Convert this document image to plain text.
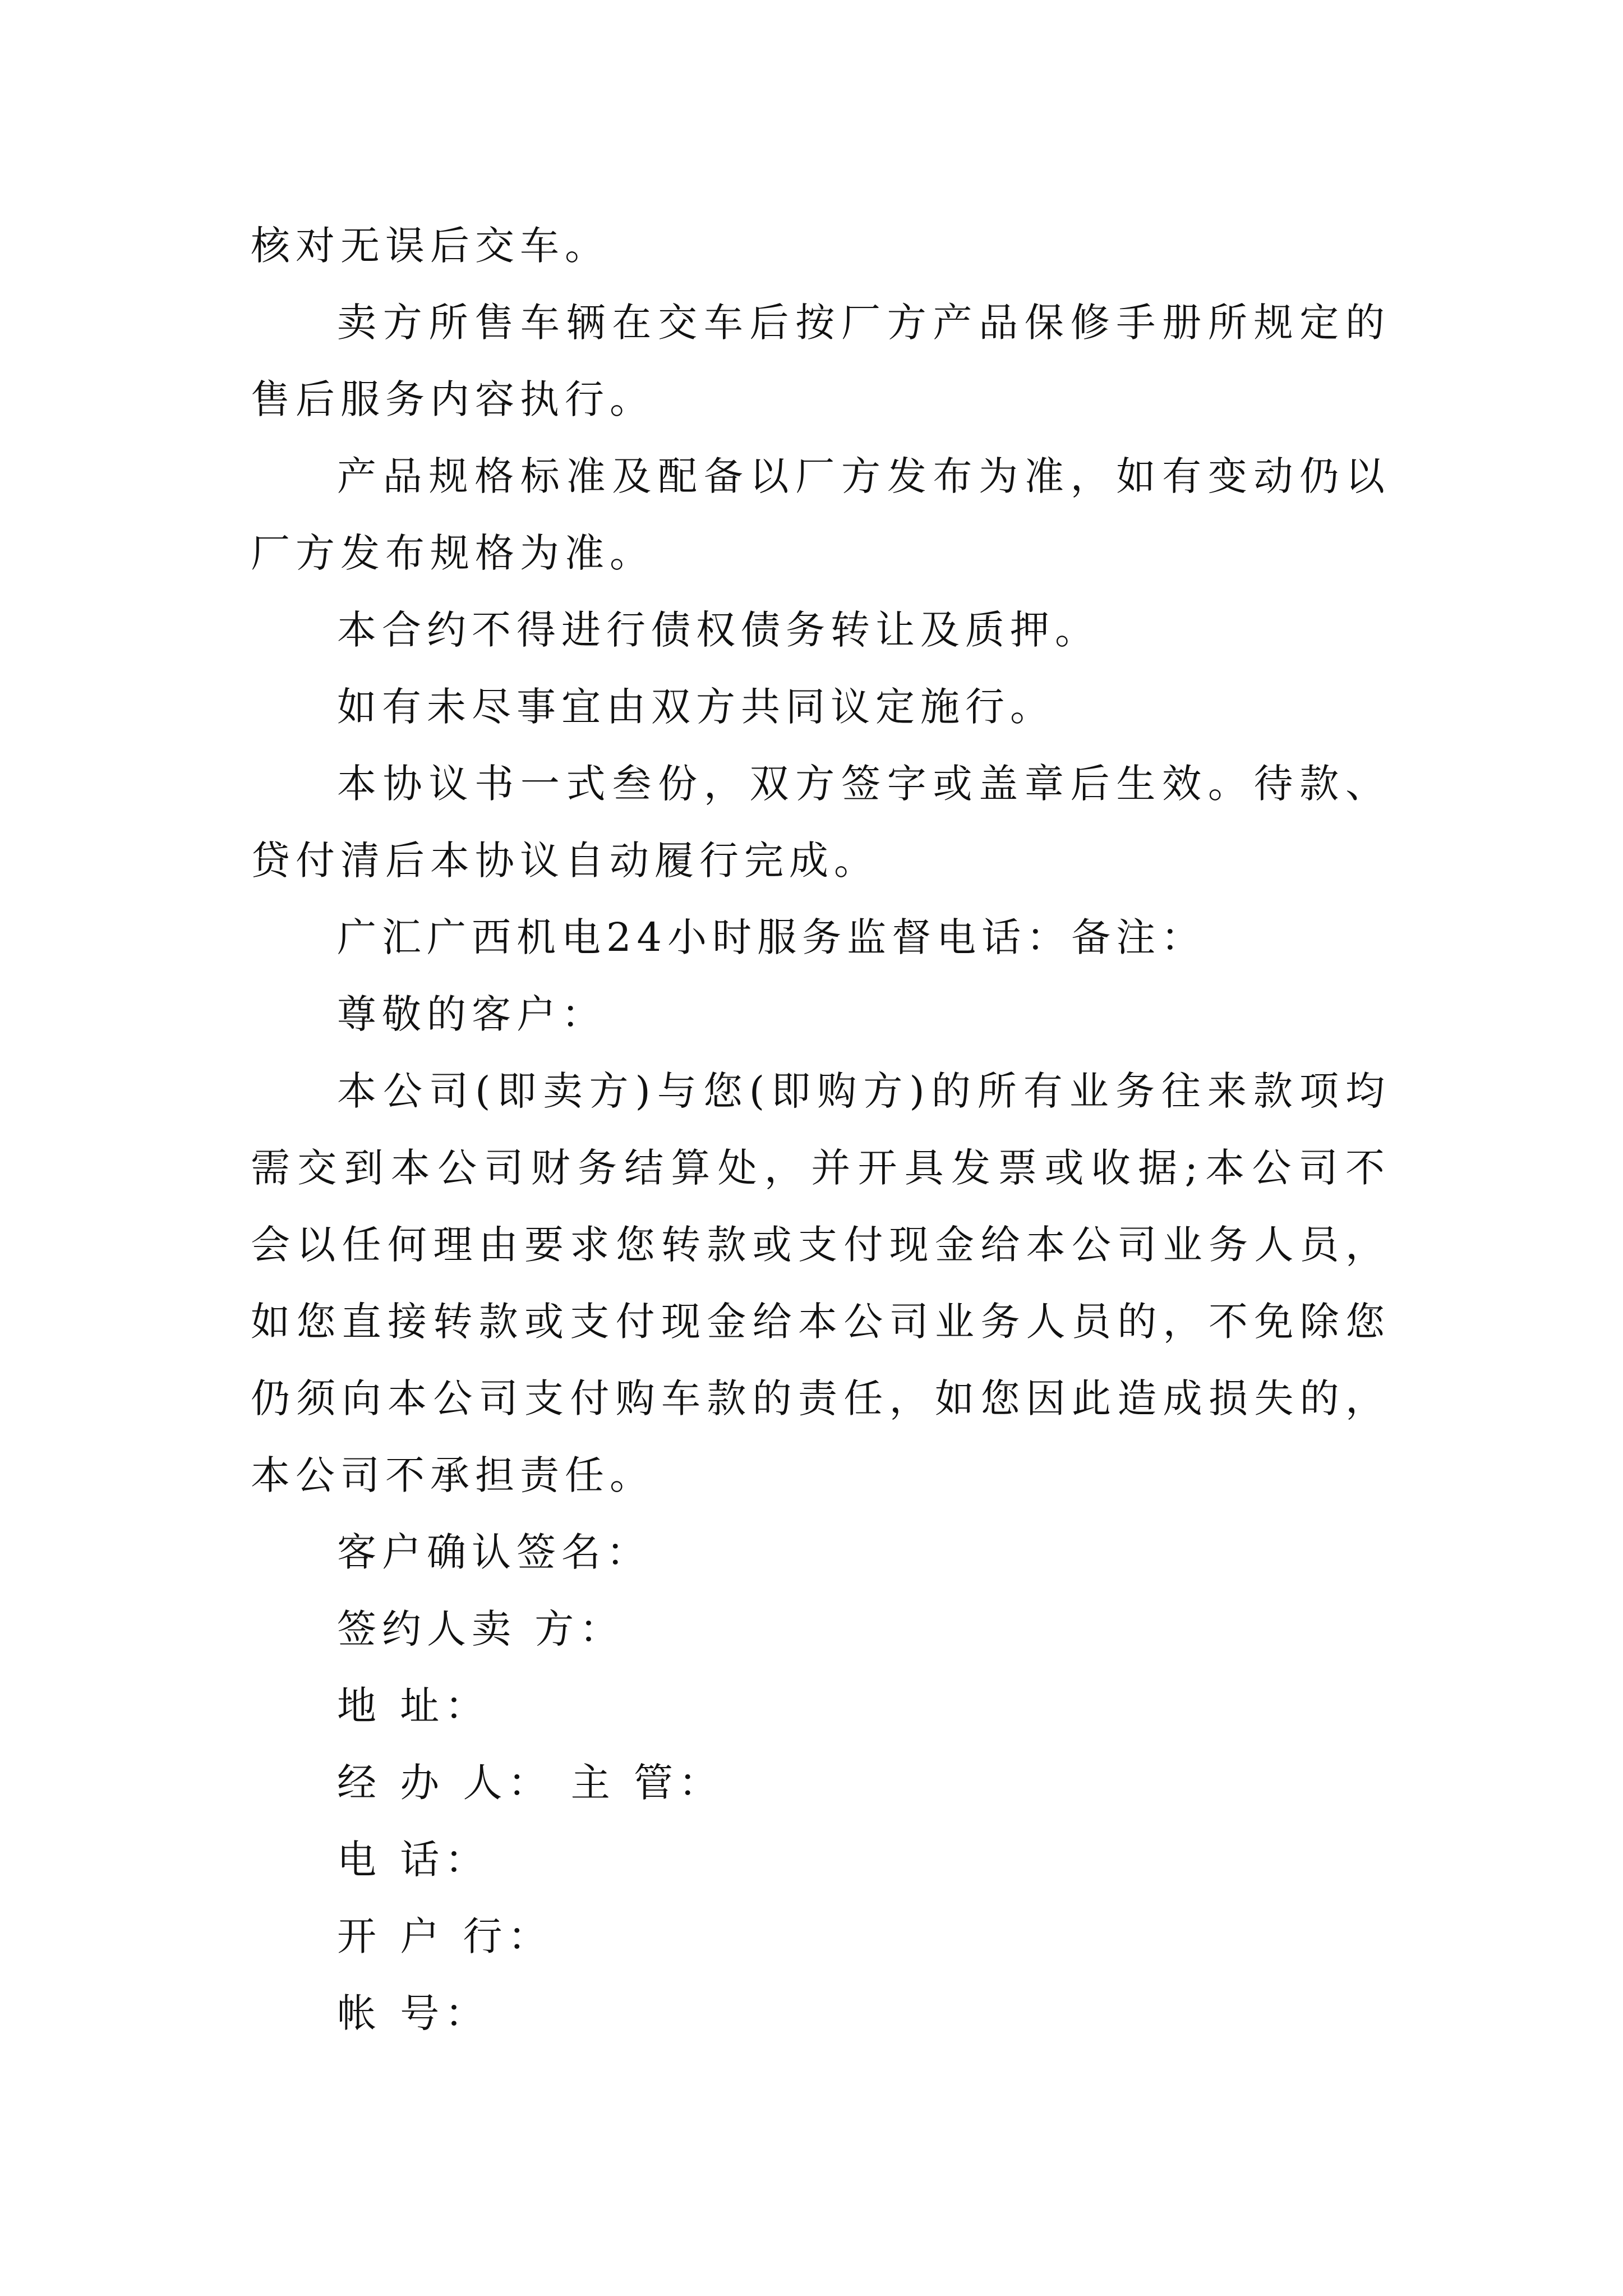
核对无误后交车。

卖方所售车辆在交车后按厂方产品保修手册所规定的售后服务内容执行。

产品规格标准及配备以厂方发布为准，如有变动仍以厂方发布规格为准。

本合约不得进行债权债务转让及质押。

如有未尽事宜由双方共同议定施行。

本协议书一式叁份，双方签字或盖章后生效。待款、贷付清后本协议自动履行完成。

广汇广西机电24小时服务监督电话：备注：

尊敬的客户：

本公司(即卖方)与您(即购方)的所有业务往来款项均需交到本公司财务结算处，并开具发票或收据;本公司不会以任何理由要求您转款或支付现金给本公司业务人员，如您直接转款或支付现金给本公司业务人员的，不免除您仍须向本公司支付购车款的责任，如您因此造成损失的，本公司不承担责任。

客户确认签名：

签约人卖 方：

地 址：

经 办 人： 主 管：

电 话：

开 户 行：

帐 号：
